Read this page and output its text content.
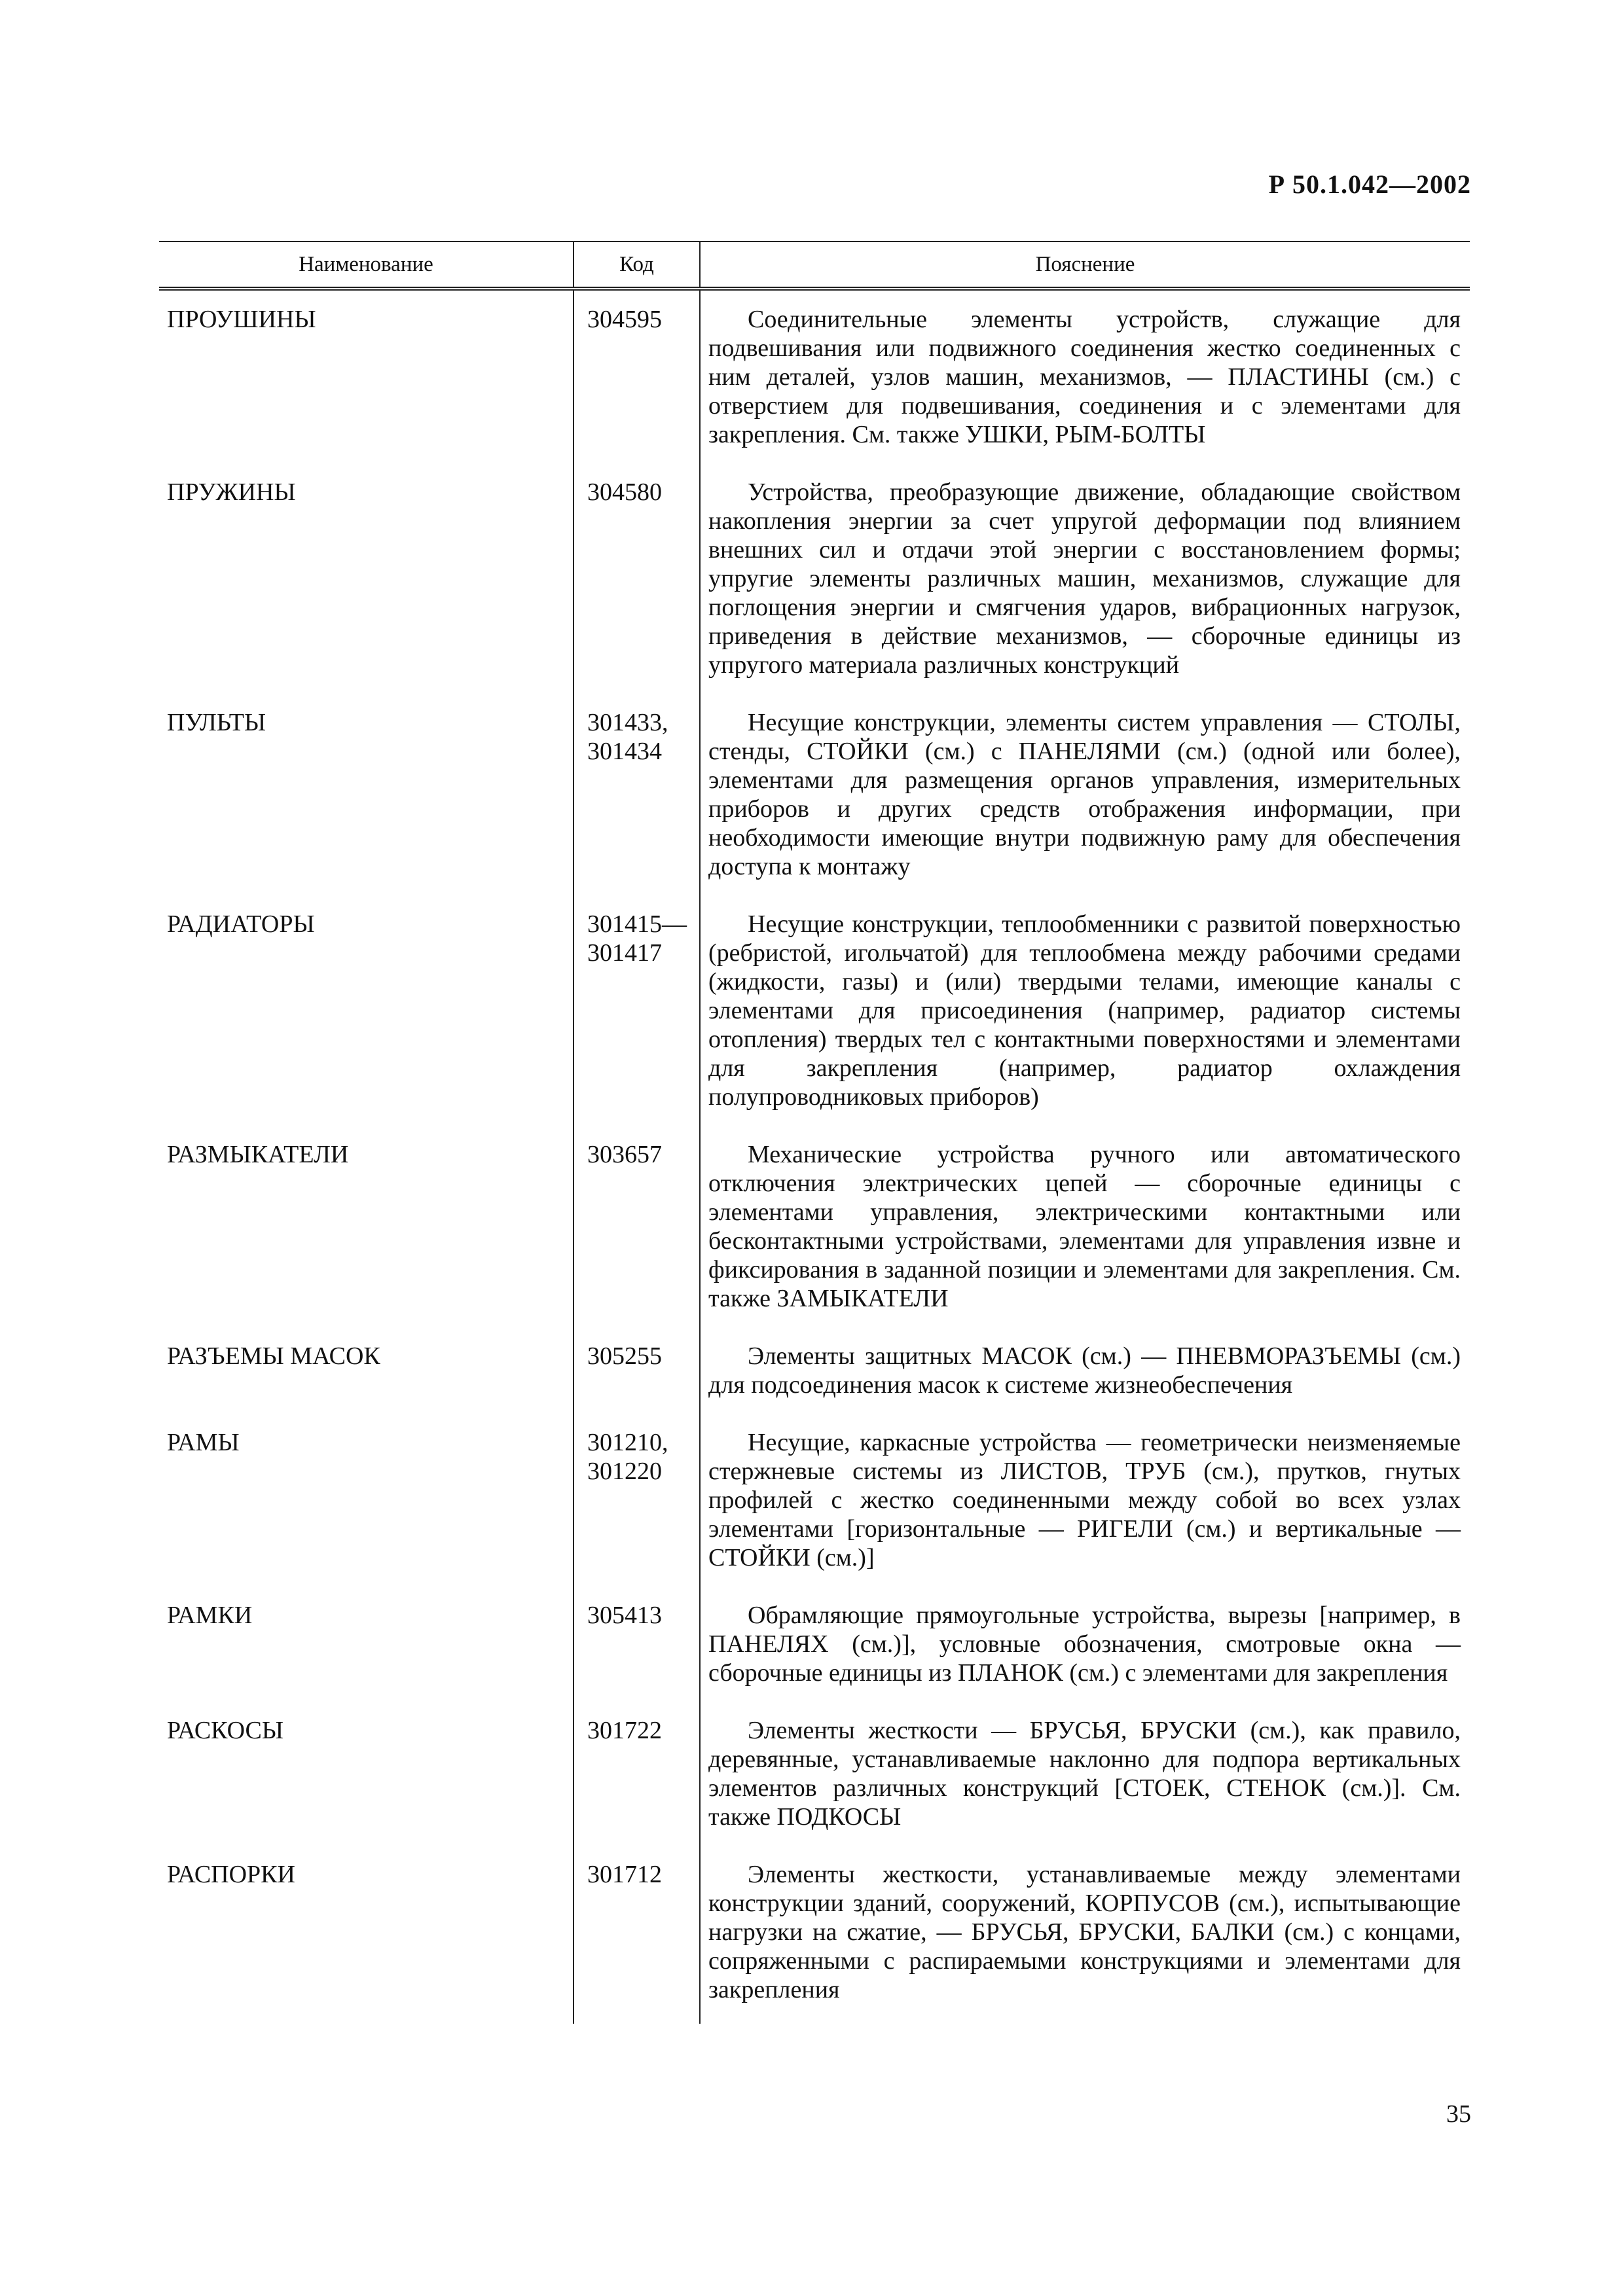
Р 50.1.042—2002
Наименование	Код	Пояснение
ПРОУШИНЫ	304595	Соединительные элементы устройств, служащие для подвешивания или подвижного соединения жестко соединенных с ним деталей, узлов машин, механизмов, — ПЛАСТИНЫ (см.) с отверстием для подвешивания, соединения и с элементами для закрепления. См. также УШКИ, РЫМ-БОЛТЫ
ПРУЖИНЫ	304580	Устройства, преобразующие движение, обладающие свойством накопления энергии за счет упругой деформации под влиянием внешних сил и отдачи этой энергии с восстановлением формы; упругие элементы различных машин, механизмов, служащие для поглощения энергии и смягчения ударов, вибрационных нагрузок, приведения в действие механизмов, — сборочные единицы из упругого материала различных конструкций
ПУЛЬТЫ	301433, 301434	Несущие конструкции, элементы систем управления — СТОЛЫ, стенды, СТОЙКИ (см.) с ПАНЕЛЯМИ (см.) (одной или более), элементами для размещения органов управления, измерительных приборов и других средств отображения информации, при необходимости имеющие внутри подвижную раму для обеспечения доступа к монтажу
РАДИАТОРЫ	301415— 301417	Несущие конструкции, теплообменники с развитой поверхностью (ребристой, игольчатой) для теплообмена между рабочими средами (жидкости, газы) и (или) твердыми телами, имеющие каналы с элементами для присоединения (например, радиатор системы отопления) твердых тел с контактными поверхностями и элементами для закрепления (например, радиатор охлаждения полупроводниковых приборов)
РАЗМЫКАТЕЛИ	303657	Механические устройства ручного или автоматического отключения электрических цепей — сборочные единицы с элементами управления, электрическими контактными или бесконтактными устройствами, элементами для управления извне и фиксирования в заданной позиции и элементами для закрепления. См. также ЗАМЫКАТЕЛИ
РАЗЪЕМЫ МАСОК	305255	Элементы защитных МАСОК (см.) — ПНЕВМОРАЗЪЕМЫ (см.) для подсоединения масок к системе жизнеобеспечения
РАМЫ	301210, 301220	Несущие, каркасные устройства — геометрически неизменяемые стержневые системы из ЛИСТОВ, ТРУБ (см.), прутков, гнутых профилей с жестко соединенными между собой во всех узлах элементами [горизонтальные — РИГЕЛИ (см.) и вертикальные — СТОЙКИ (см.)]
РАМКИ	305413	Обрамляющие прямоугольные устройства, вырезы [например, в ПАНЕЛЯХ (см.)], условные обозначения, смотровые окна — сборочные единицы из ПЛАНОК (см.) с элементами для закрепления
РАСКОСЫ	301722	Элементы жесткости — БРУСЬЯ, БРУСКИ (см.), как правило, деревянные, устанавливаемые наклонно для подпора вертикальных элементов различных конструкций [СТОЕК, СТЕНОК (см.)]. См. также ПОДКОСЫ
РАСПОРКИ	301712	Элементы жесткости, устанавливаемые между элементами конструкции зданий, сооружений, КОРПУСОВ (см.), испытывающие нагрузки на сжатие, — БРУСЬЯ, БРУСКИ, БАЛКИ (см.) с концами, сопряженными с распираемыми конструкциями и элементами для закрепления
35
